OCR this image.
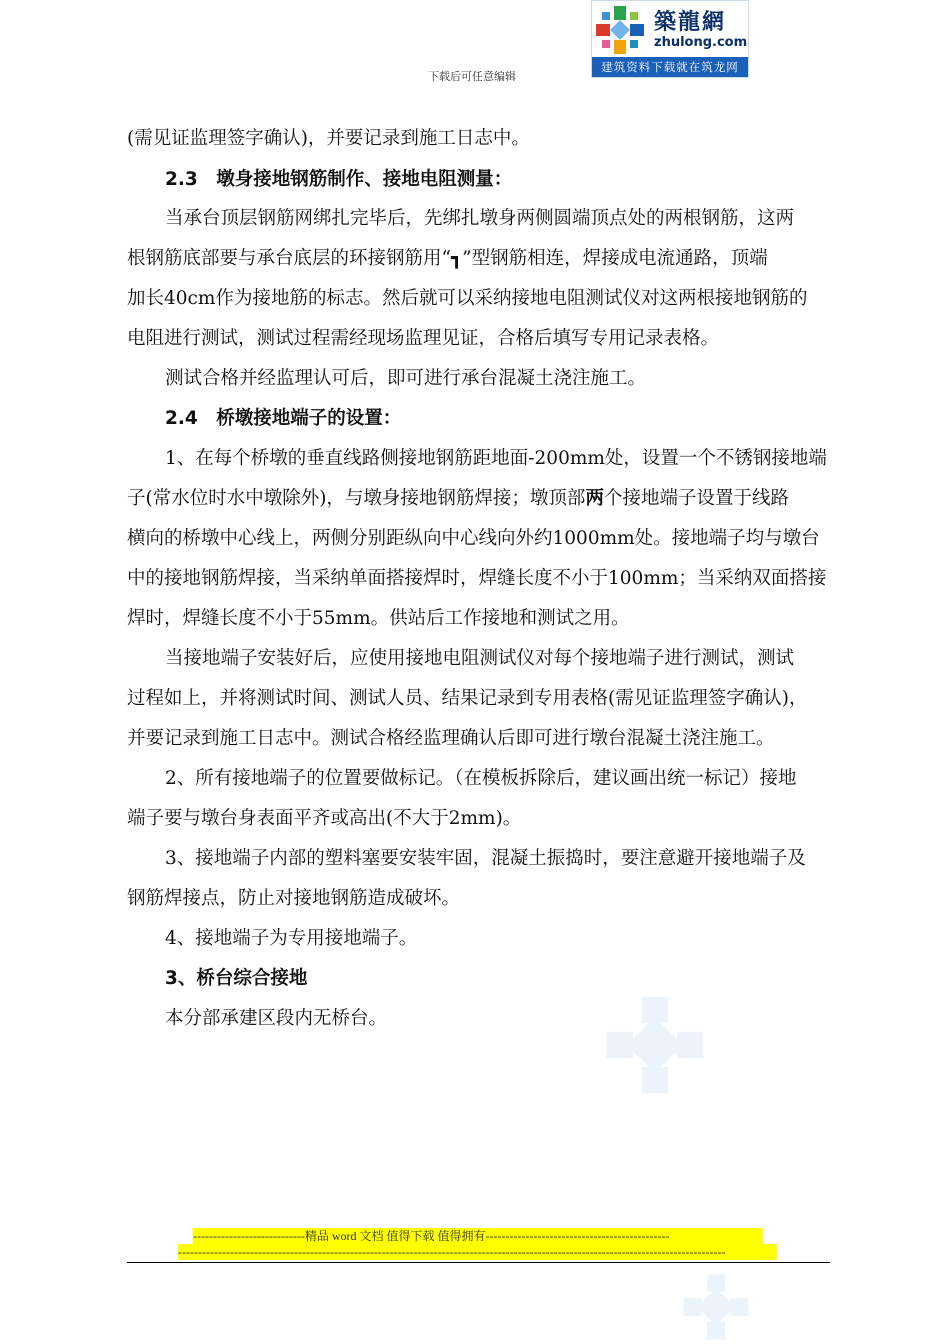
下载后可任意编辑
築龍網
zhulong.com
建筑资料下载就在筑龙网
(需见证监理签字确认)，并要记录到施工日志中。
2.3　墩身接地钢筋制作、接地电阻测量：
当承台顶层钢筋网绑扎完毕后，先绑扎墩身两侧圆端顶点处的两根钢筋，这两
根钢筋底部要与承台底层的环接钢筋用“┓”型钢筋相连，焊接成电流通路，顶端
加长40cm作为接地筋的标志。然后就可以采纳接地电阻测试仪对这两根接地钢筋的
电阻进行测试，测试过程需经现场监理见证，合格后填写专用记录表格。
测试合格并经监理认可后，即可进行承台混凝土浇注施工。
2.4　桥墩接地端子的设置：
1、在每个桥墩的垂直线路侧接地钢筋距地面-200mm处，设置一个不锈钢接地端
子(常水位时水中墩除外)，与墩身接地钢筋焊接；墩顶部两个接地端子设置于线路
横向的桥墩中心线上，两侧分别距纵向中心线向外约1000mm处。接地端子均与墩台
中的接地钢筋焊接，当采纳单面搭接焊时，焊缝长度不小于100mm；当采纳双面搭接
焊时，焊缝长度不小于55mm。供站后工作接地和测试之用。
当接地端子安装好后，应使用接地电阻测试仪对每个接地端子进行测试，测试
过程如上，并将测试时间、测试人员、结果记录到专用表格(需见证监理签字确认)，
并要记录到施工日志中。测试合格经监理确认后即可进行墩台混凝土浇注施工。
2、所有接地端子的位置要做标记。（在模板拆除后，建议画出统一标记）接地
端子要与墩台身表面平齐或高出(不大于2mm)。
3、接地端子内部的塑料塞要安装牢固，混凝土振捣时，要注意避开接地端子及
钢筋焊接点，防止对接地钢筋造成破坏。
4、接地端子为专用接地端子。
3、桥台综合接地
本分部承建区段内无桥台。
----------------------------精品 word 文档 值得下载 值得拥有----------------------------------------------
-----------------------------------------------------------------------------------------------------------------------------------------
